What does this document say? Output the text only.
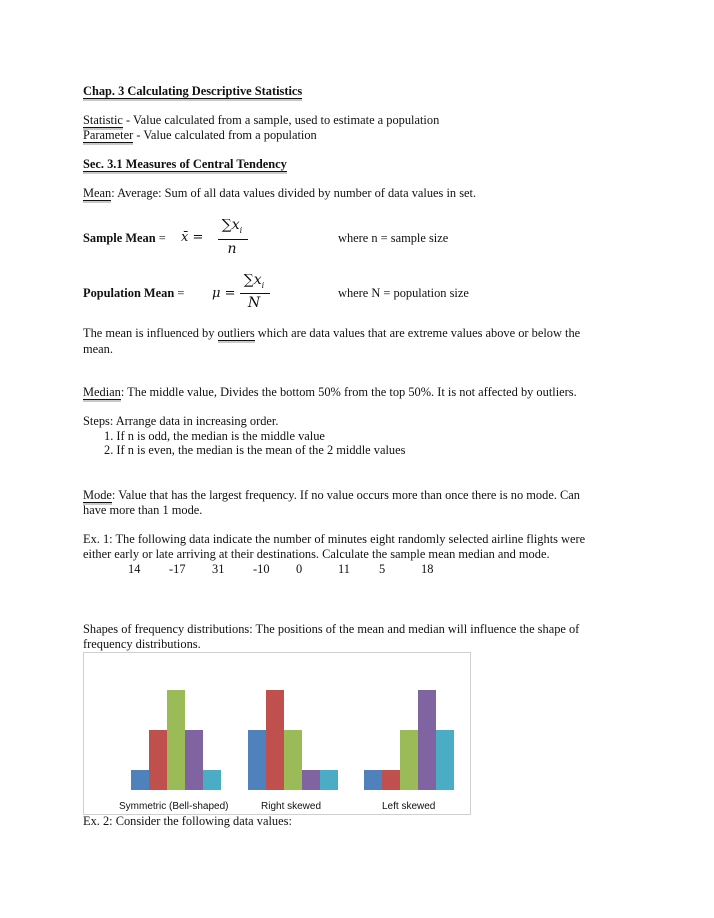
Chap. 3 Calculating Descriptive Statistics
Statistic - Value calculated from a sample, used to estimate a population
Parameter - Value calculated from a population
Sec. 3.1 Measures of Central Tendency
Mean: Average: Sum of all data values divided by number of data values in set.
Sample Mean = x̄ =
$\sum x_i$
n
where n = sample size
Population Mean = μ =
$\sum x_i$
N
where N = population size
The mean is influenced by outliers which are data values that are extreme values above or below the
mean.
Median: The middle value, Divides the bottom 50% from the top 50%. It is not affected by outliers.
Steps: Arrange data in increasing order.
1. If n is odd, the median is the middle value
2. If n is even, the median is the mean of the 2 middle values
Mode: Value that has the largest frequency. If no value occurs more than once there is no mode. Can
have more than 1 mode.
Ex. 1: The following data indicate the number of minutes eight randomly selected airline flights were
either early or late arriving at their destinations. Calculate the sample mean median and mode.
14 -17 31 -10 0	11 5	18
Shapes of frequency distributions: The positions of the mean and median will influence the shape of
frequency distributions.
Symmetric (Bell-shaped)	Right skewed	Left skewed
Ex. 2: Consider the following data values:
